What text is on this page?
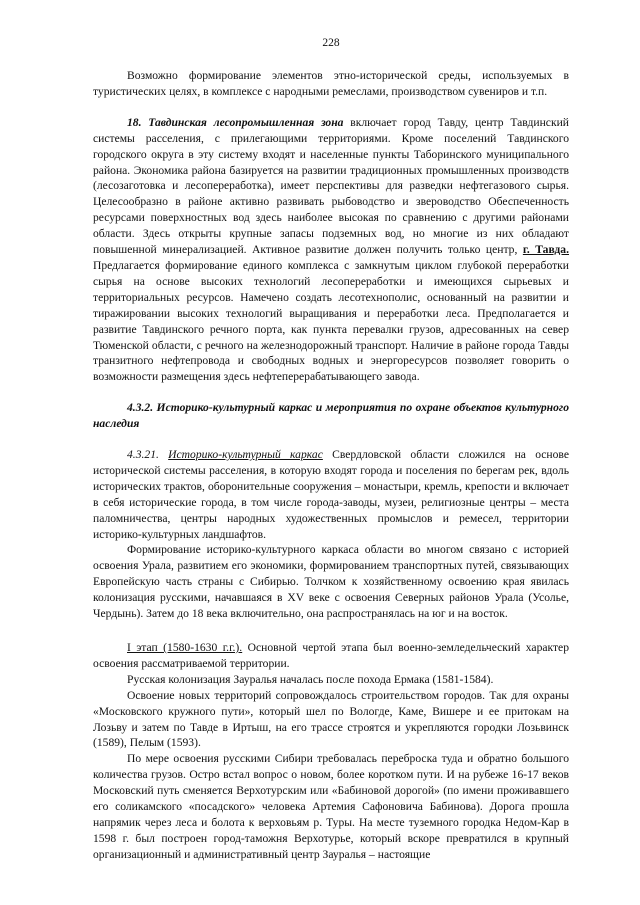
228

Возможно формирование элементов этно-исторической среды, используемых в туристических целях, в комплексе с народными ремеслами, производством сувениров и т.п.

18. Тавдинская лесопромышленная зона включает город Тавду, центр Тавдинский системы расселения, с прилегающими территориями. Кроме поселений Тавдинского городского округа в эту систему входят и населенные пункты Таборинского муниципального района. Экономика района базируется на развитии традиционных промышленных производств (лесозаготовка и лесопереработка), имеет перспективы для разведки нефтегазового сырья. Целесообразно в районе активно развивать рыбоводство и звероводство Обеспеченность ресурсами поверхностных вод здесь наиболее высокая по сравнению с другими районами области. Здесь открыты крупные запасы подземных вод, но многие из них обладают повышенной минерализацией. Активное развитие должен получить только центр, г. Тавда. Предлагается формирование единого комплекса с замкнутым циклом глубокой переработки сырья на основе высоких технологий лесопереработки и имеющихся сырьевых и территориальных ресурсов. Намечено создать лесотехнополис, основанный на развитии и тиражировании высоких технологий выращивания и переработки леса. Предполагается и развитие Тавдинского речного порта, как пункта перевалки грузов, адресованных на север Тюменской области, с речного на железнодорожный транспорт. Наличие в районе города Тавды транзитного нефтепровода и свободных водных и энергоресурсов позволяет говорить о возможности размещения здесь нефтеперерабатывающего завода.

4.3.2. Историко-культурный каркас и мероприятия по охране объектов культурного наследия

4.3.21. Историко-культурный каркас Свердловской области сложился на основе исторической системы расселения, в которую входят города и поселения по берегам рек, вдоль исторических трактов, оборонительные сооружения – монастыри, кремль, крепости и включает в себя исторические города, в том числе города-заводы, музеи, религиозные центры – места паломничества, центры народных художественных промыслов и ремесел, территории историко-культурных ландшафтов.

Формирование историко-культурного каркаса области во многом связано с историей освоения Урала, развитием его экономики, формированием транспортных путей, связывающих Европейскую часть страны с Сибирью. Толчком к хозяйственному освоению края явилась колонизация русскими, начавшаяся в XV веке с освоения Северных районов Урала (Усолье, Чердынь). Затем до 18 века включительно, она распространялась на юг и на восток.

I этап (1580-1630 г.г.). Основной чертой этапа был военно-земледельческий характер освоения рассматриваемой территории.

Русская колонизация Зауралья началась после похода Ермака (1581-1584).

Освоение новых территорий сопровождалось строительством городов. Так для охраны «Московского кружного пути», который шел по Вологде, Каме, Вишере и ее притокам на Лозьву и затем по Тавде в Иртыш, на его трассе строятся и укрепляются городки Лозьвинск (1589), Пелым (1593).

По мере освоения русскими Сибири требовалась переброска туда и обратно большого количества грузов. Остро встал вопрос о новом, более коротком пути. И на рубеже 16-17 веков Московский путь сменяется Верхотурским или «Бабиновой дорогой» (по имени проживавшего его соликамского «посадского» человека Артемия Сафоновича Бабинова). Дорога прошла напрямик через леса и болота к верховьям р. Туры. На месте туземного городка Недом-Кар в 1598 г. был построен город-таможня Верхотурье, который вскоре превратился в крупный организационный и административный центр Зауралья – настоящие
